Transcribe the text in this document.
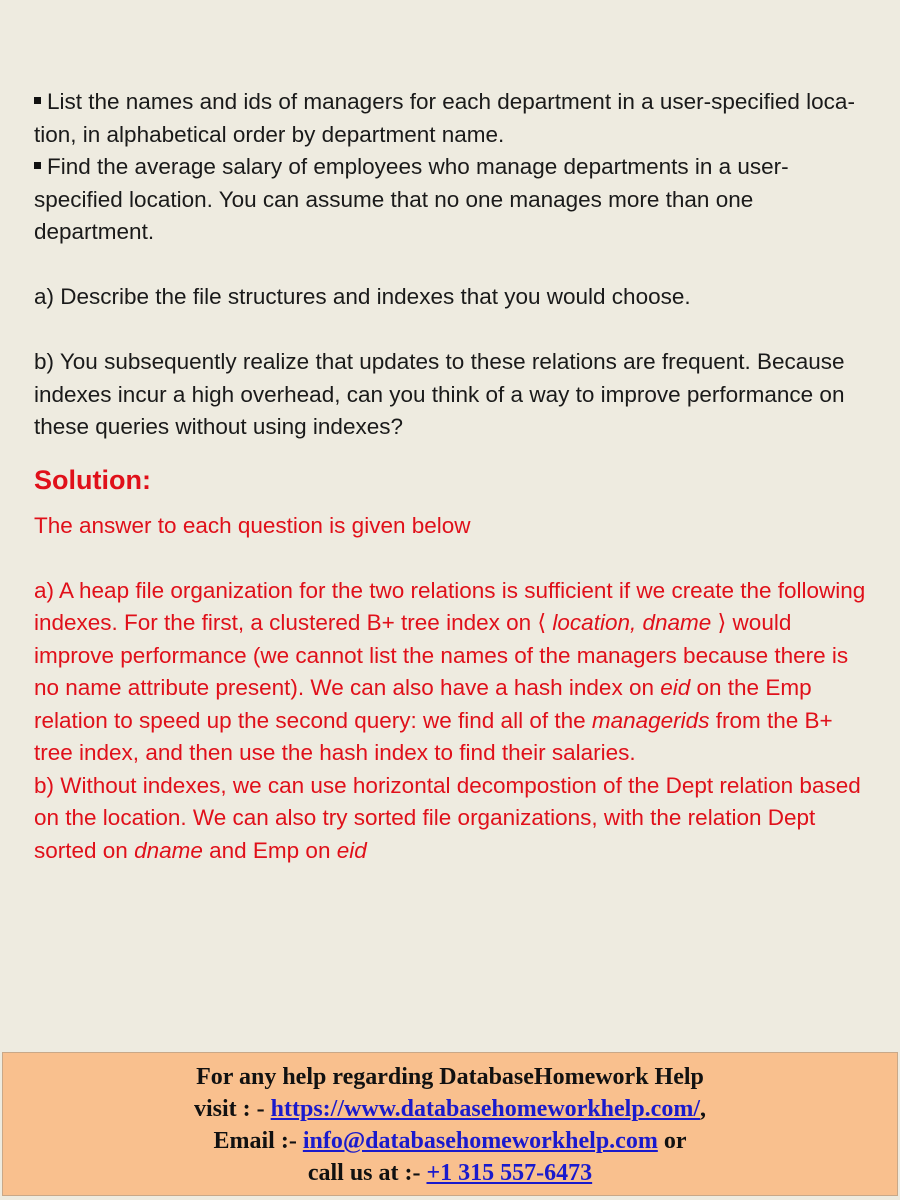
List the names and ids of managers for each department in a user-specified loca- tion, in alphabetical order by department name.

Find the average salary of employees who manage departments in a user-specified location. You can assume that no one manages more than one department.

a) Describe the file structures and indexes that you would choose.

b) You subsequently realize that updates to these relations are frequent. Because indexes incur a high overhead, can you think of a way to improve performance on these queries without using indexes?

Solution:

The answer to each question is given below

a) A heap file organization for the two relations is sufficient if we create the following indexes. For the first, a clustered B+ tree index on ⟨ location, dname ⟩ would improve performance (we cannot list the names of the managers because there is no name attribute present). We can also have a hash index on eid on the Emp relation to speed up the second query: we find all of the managerids from the B+ tree index, and then use the hash index to find their salaries.

b) Without indexes, we can use horizontal decompostion of the Dept relation based on the location. We can also try sorted file organizations, with the relation Dept sorted on dname and Emp on eid

For any help regarding DatabaseHomework Help
visit : - https://www.databasehomeworkhelp.com/,
Email :- info@databasehomeworkhelp.com or
call us at :- +1 315 557-6473
